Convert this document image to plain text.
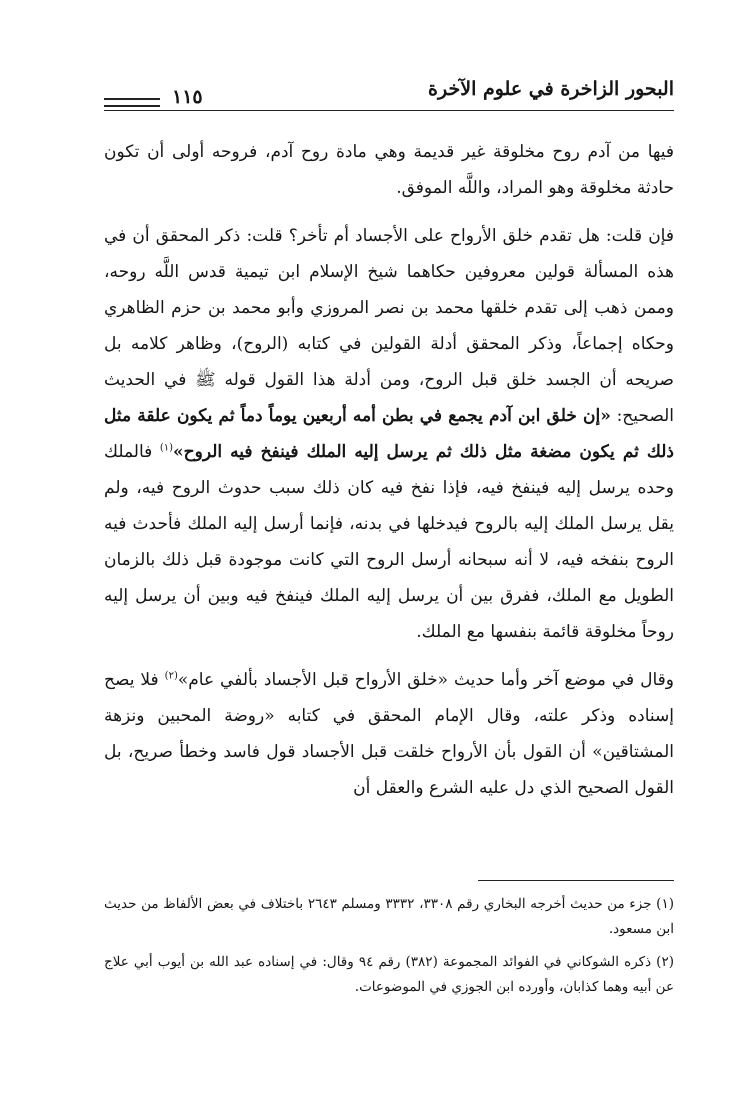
١١٥	البحور الزاخرة في علوم الآخرة

فيها من آدم روح مخلوقة غير قديمة وهي مادة روح آدم، فروحه أولى أن تكون حادثة مخلوقة وهو المراد، واللَّه الموفق.

فإن قلت: هل تقدم خلق الأرواح على الأجساد أم تأخر؟ قلت: ذكر المحقق أن في هذه المسألة قولين معروفين حكاهما شيخ الإسلام ابن تيمية قدس اللَّه روحه، وممن ذهب إلى تقدم خلقها محمد بن نصر المروزي وأبو محمد بن حزم الظاهري وحكاه إجماعاً، وذكر المحقق أدلة القولين في كتابه (الروح)، وظاهر كلامه بل صريحه أن الجسد خلق قبل الروح، ومن أدلة هذا القول قوله ﷺ في الحديث الصحيح: «إن خلق ابن آدم يجمع في بطن أمه أربعين يوماً دماً ثم يكون علقة مثل ذلك ثم يكون مضغة مثل ذلك ثم يرسل إليه الملك فينفخ فيه الروح»$^{(١)}$ فالملك وحده يرسل إليه فينفخ فيه، فإذا نفخ فيه كان ذلك سبب حدوث الروح فيه، ولم يقل يرسل الملك إليه بالروح فيدخلها في بدنه، فإنما أرسل إليه الملك فأحدث فيه الروح بنفخه فيه، لا أنه سبحانه أرسل الروح التي كانت موجودة قبل ذلك بالزمان الطويل مع الملك، ففرق بين أن يرسل إليه الملك فينفخ فيه وبين أن يرسل إليه روحاً مخلوقة قائمة بنفسها مع الملك.

وقال في موضع آخر وأما حديث «خلق الأرواح قبل الأجساد بألفي عام»$^{(٢)}$ فلا يصح إسناده وذكر علته، وقال الإمام المحقق في كتابه «روضة المحبين ونزهة المشتاقين» أن القول بأن الأرواح خلقت قبل الأجساد قول فاسد وخطأ صريح، بل القول الصحيح الذي دل عليه الشرع والعقل أن

(١) جزء من حديث أخرجه البخاري رقم ٣٣٠٨، ٣٣٣٢ ومسلم ٢٦٤٣ باختلاف في بعض الألفاظ من حديث ابن مسعود.

(٢) ذكره الشوكاني في الفوائد المجموعة (٣٨٢) رقم ٩٤ وقال: في إسناده عبد الله بن أيوب أبي علاج عن أبيه وهما كذابان، وأورده ابن الجوزي في الموضوعات.
